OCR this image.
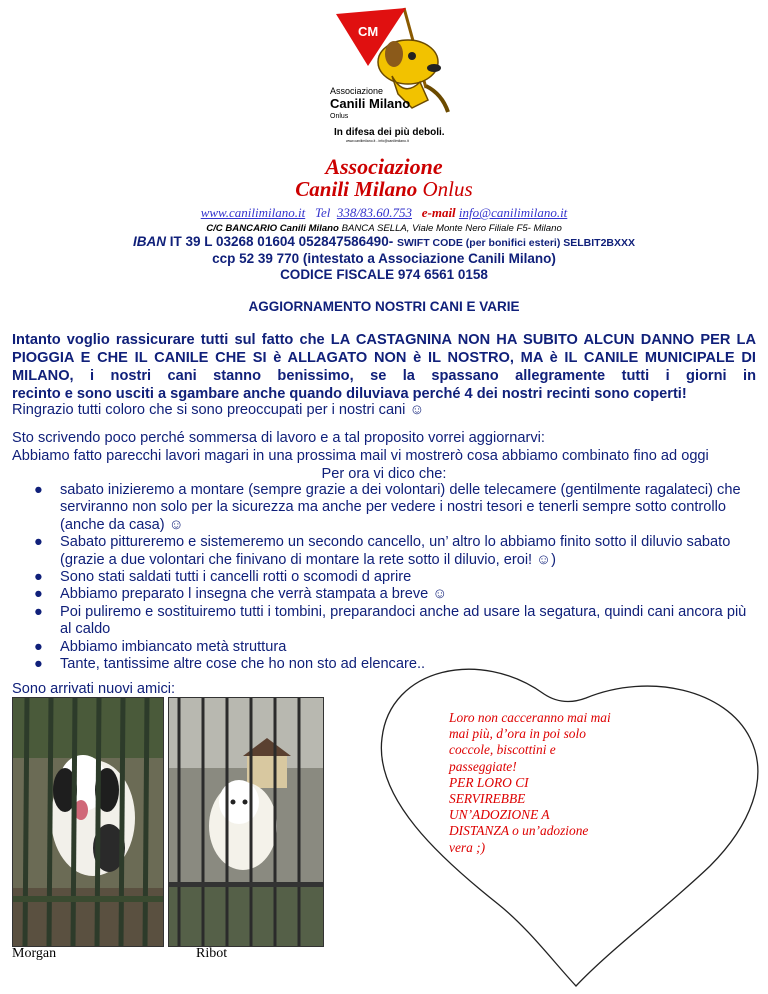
CM
Associazione
Canili Milano
Onlus
In difesa dei più deboli.
www.canilimilano.it - info@canilimilano.it
Associazione
Canili Milano Onlus
www.canilimilano.it Tel 338/83.60.753 e-mail info@canilimilano.it
C/C BANCARIO Canili Milano BANCA SELLA, Viale Monte Nero Filiale F5- Milano
IBAN IT 39 L 03268 01604 052847586490- SWIFT CODE (per bonifici esteri) SELBIT2BXXX
ccp 52 39 770 (intestato a Associazione Canili Milano)
CODICE FISCALE 974 6561 0158
AGGIORNAMENTO NOSTRI CANI E VARIE
Intanto voglio rassicurare tutti sul fatto che LA CASTAGNINA NON HA SUBITO ALCUN DANNO PER LA PIOGGIA E CHE IL CANILE CHE SI è ALLAGATO NON è IL NOSTRO, MA è IL CANILE MUNICIPALE DI MILANO, i nostri cani stanno benissimo, se la spassano allegramente tutti i giorni in
recinto e sono usciti a sgambare anche quando diluviava perché 4 dei nostri recinti sono coperti!
Ringrazio tutti coloro che si sono preoccupati per i nostri cani ☺
Sto scrivendo poco perché sommersa di lavoro e a tal proposito vorrei aggiornarvi:
Abbiamo fatto parecchi lavori magari in una prossima mail vi mostrerò cosa abbiamo combinato fino ad oggi
Per ora vi dico che:
● sabato inizieremo a montare (sempre grazie a dei volontari) delle telecamere (gentilmente ragalateci) che serviranno non solo per la sicurezza ma anche per vedere i nostri tesori e tenerli sempre sotto controllo (anche da casa) ☺
● Sabato pittureremo e sistemeremo un secondo cancello, un’ altro lo abbiamo finito sotto il diluvio sabato (grazie a due volontari che finivano di montare la rete sotto il diluvio, eroi! ☺)
● Sono stati saldati tutti i cancelli rotti o scomodi d aprire
● Abbiamo preparato l insegna che verrà stampata a breve ☺
● Poi puliremo e sostituiremo tutti i tombini, preparandoci anche ad usare la segatura, quindi cani ancora più al caldo
● Abbiamo imbiancato metà struttura
● Tante, tantissime altre cose che ho non sto ad elencare..
Loro non cacceranno mai mai
mai più, d’ora in poi solo
coccole, biscottini e
passeggiate!
PER LORO CI
SERVIREBBE
UN’ADOZIONE A
DISTANZA o un’adozione
vera ;)
Sono arrivati nuovi amici:
Morgan	Ribot
